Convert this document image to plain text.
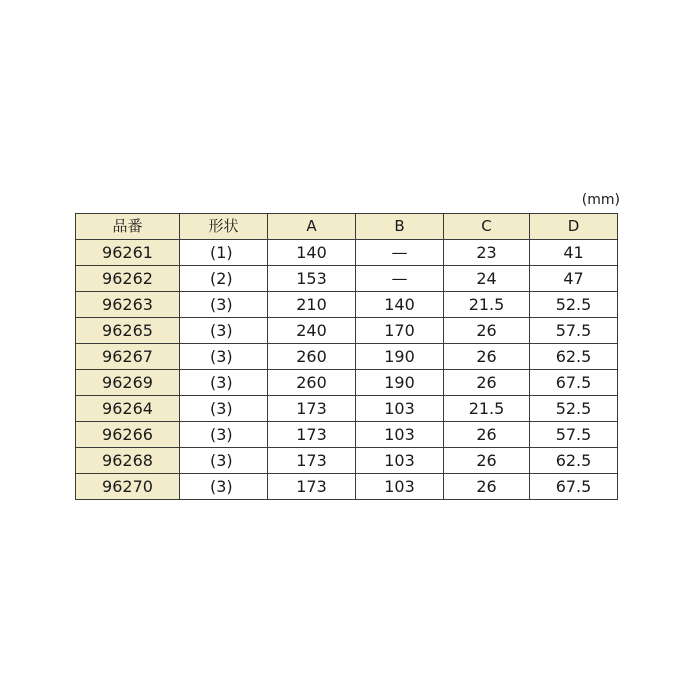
(mm)
品番	形状	A	B	C	D
96261	(1)	140	—	23	41
96262	(2)	153	—	24	47
96263	(3)	210	140	21.5	52.5
96265	(3)	240	170	26	57.5
96267	(3)	260	190	26	62.5
96269	(3)	260	190	26	67.5
96264	(3)	173	103	21.5	52.5
96266	(3)	173	103	26	57.5
96268	(3)	173	103	26	62.5
96270	(3)	173	103	26	67.5
